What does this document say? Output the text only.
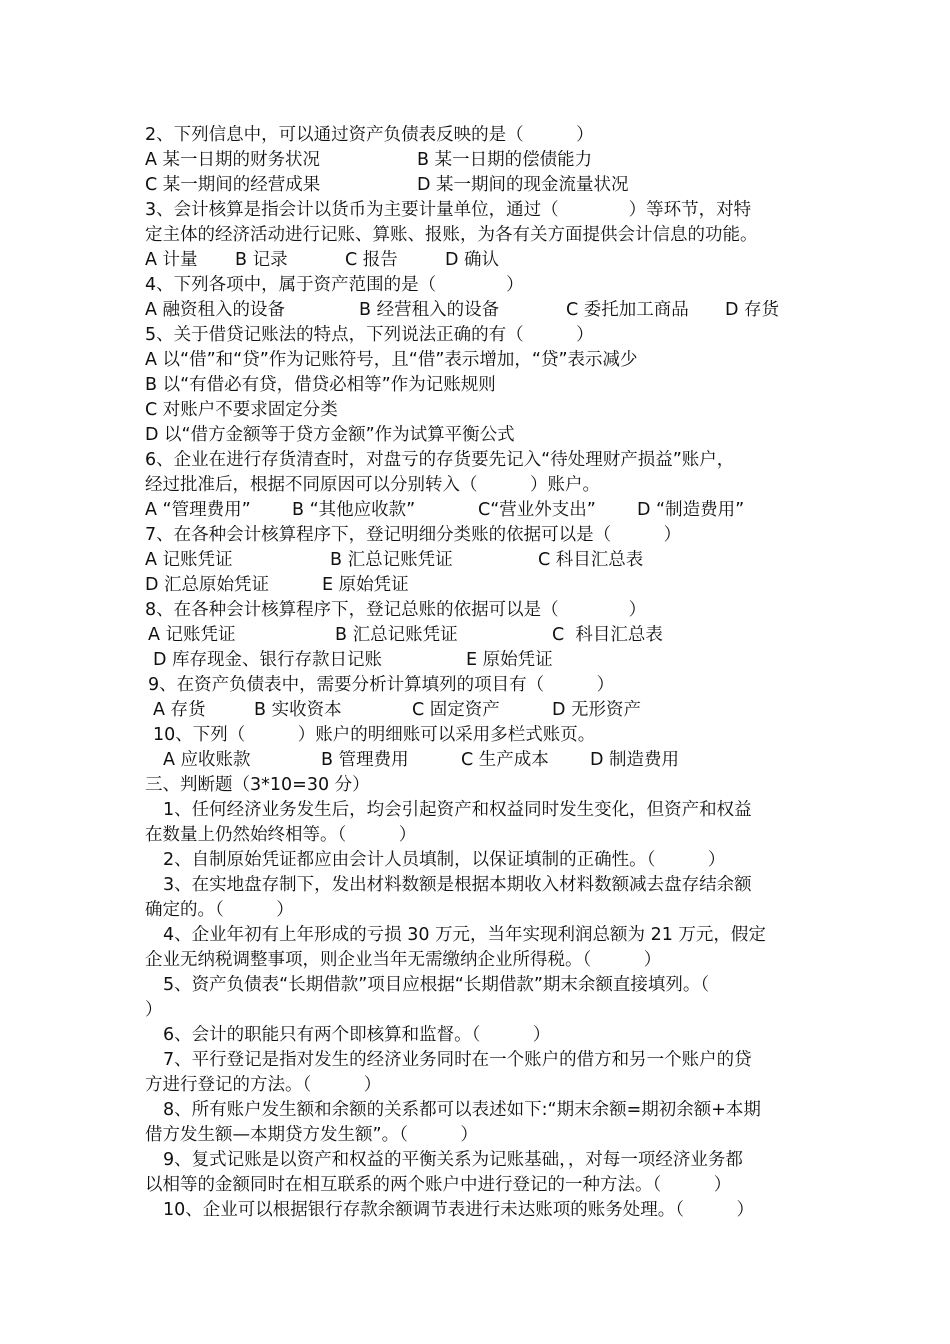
2、下列信息中，可以通过资产负债表反映的是（　　　）
A 某一日期的财务状况	B 某一日期的偿债能力
C 某一期间的经营成果	D 某一期间的现金流量状况
3、会计核算是指会计以货币为主要计量单位，通过（　　　　）等环节，对特
定主体的经济活动进行记账、算账、报账，为各有关方面提供会计信息的功能。
A 计量 B 记录	C 报告	D 确认
4、下列各项中，属于资产范围的是（　　　　）
A 融资租入的设备	B 经营租入的设备	C 委托加工商品 D 存货
5、关于借贷记账法的特点，下列说法正确的有（　　　）
A 以“借”和“贷”作为记账符号，且“借”表示增加，“贷”表示减少
B 以“有借必有贷，借贷必相等”作为记账规则
C 对账户不要求固定分类
D 以“借方金额等于贷方金额”作为试算平衡公式
6、企业在进行存货清查时，对盘亏的存货要先记入“待处理财产损益”账户，
经过批准后，根据不同原因可以分别转入（　　　）账户。
A “管理费用” B “其他应收款”	C“营业外支出” D “制造费用”
7、在各种会计核算程序下，登记明细分类账的依据可以是（　　　）
A 记账凭证	B 汇总记账凭证	C 科目汇总表
D 汇总原始凭证	E 原始凭证
8、在各种会计核算程序下，登记总账的依据可以是（　　　　）
A 记账凭证	B 汇总记账凭证	C  科目汇总表
D 库存现金、银行存款日记账	E 原始凭证
9、在资产负债表中，需要分析计算填列的项目有（　　　）
A 存货	B 实收资本	C 固定资产	D 无形资产
10、下列（　　　）账户的明细账可以采用多栏式账页。
A 应收账款	B 管理费用	C 生产成本 D 制造费用
三、判断题（3*10=30 分）
1、任何经济业务发生后，均会引起资产和权益同时发生变化，但资产和权益
在数量上仍然始终相等。（　　　）
2、自制原始凭证都应由会计人员填制，以保证填制的正确性。（　　　）
3、在实地盘存制下，发出材料数额是根据本期收入材料数额减去盘存结余额
确定的。（　　　）
4、企业年初有上年形成的亏损 30 万元，当年实现利润总额为 21 万元，假定
企业无纳税调整事项，则企业当年无需缴纳企业所得税。（　　　）
5、资产负债表“长期借款”项目应根据“长期借款”期末余额直接填列。（
）
6、会计的职能只有两个即核算和监督。（　　　）
7、平行登记是指对发生的经济业务同时在一个账户的借方和另一个账户的贷
方进行登记的方法。（　　　）
8、所有账户发生额和余额的关系都可以表述如下:“期末余额=期初余额+本期
借方发生额—本期贷方发生额”。（　　　）
9、复式记账是以资产和权益的平衡关系为记账基础，，对每一项经济业务都
以相等的金额同时在相互联系的两个账户中进行登记的一种方法。（　　　）
10、企业可以根据银行存款余额调节表进行未达账项的账务处理。（　　　）
